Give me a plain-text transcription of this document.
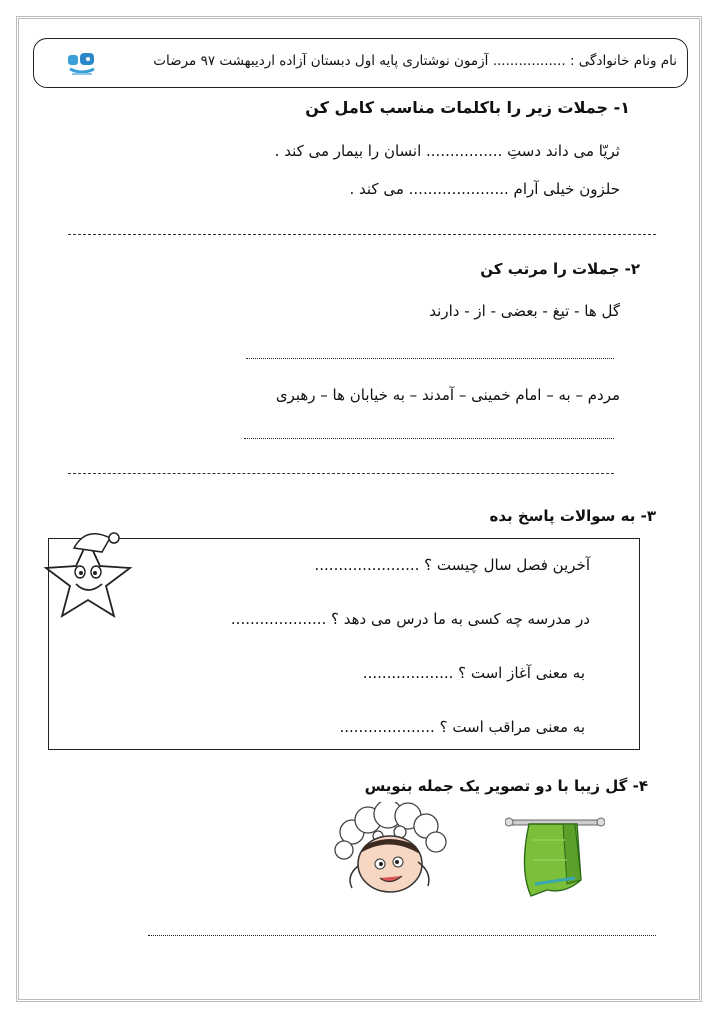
نام ونام خانوادگی : ................. آزمون نوشتاری پایه اول دبستان آزاده اردیبهشت ۹۷ مرضات
١- جملات زیر را باکلمات مناسب کامل کن
ثریّا می داند دستِ ................ انسان را بیمار می کند .
حلزون خیلی آرام ..................... می کند .
٢- جملات را مرتب کن
گل ها - تیغ - بعضی - از - دارند
مردم – به – امام خمینی – آمدند – به خیابان ها – رهبری
٣- به سوالات پاسخ بده
آخرین فصل سال چیست ؟ ......................
در مدرسه چه کسی به ما درس می دهد ؟ ....................
به معنی آغاز است ؟ ...................
به معنی مراقب است ؟ ....................
۴- گل زیبا با دو تصویر یک جمله بنویس
